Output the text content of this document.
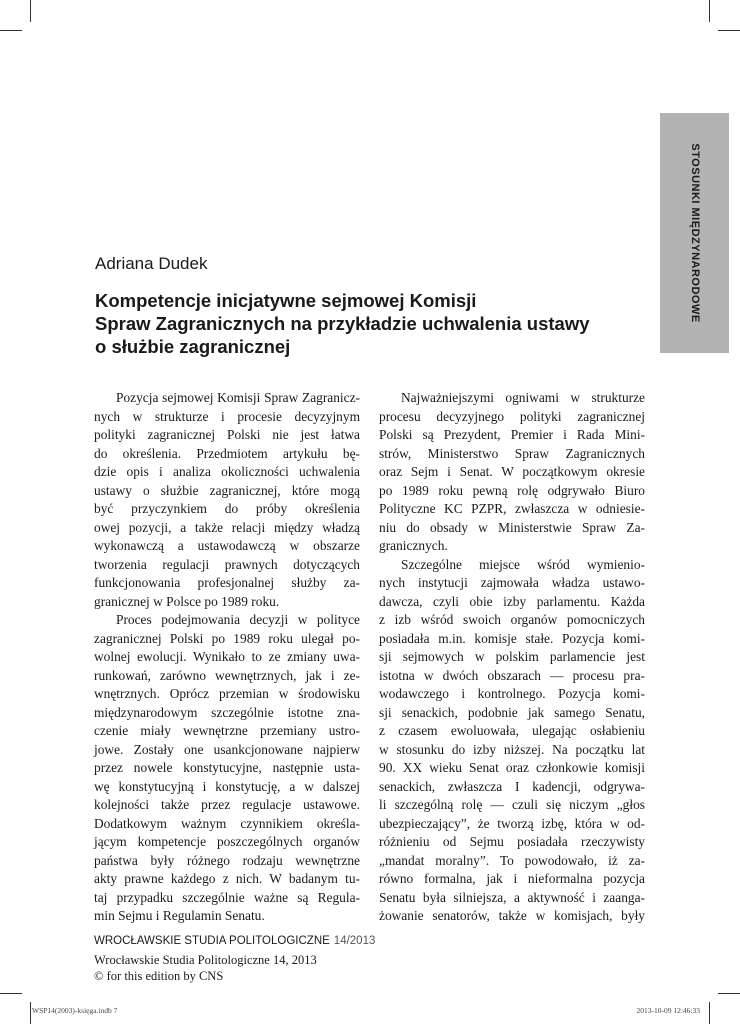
STOSUNKI MIĘDZYNARODOWE
Adriana Dudek
Kompetencje inicjatywne sejmowej Komisji
Spraw Zagranicznych na przykładzie uchwalenia ustawy
o służbie zagranicznej

Pozycja sejmowej Komisji Spraw Zagranicz-
nych w strukturze i procesie decyzyjnym
polityki zagranicznej Polski nie jest łatwa
do określenia. Przedmiotem artykułu bę-
dzie opis i analiza okoliczności uchwalenia
ustawy o służbie zagranicznej, które mogą
być przyczynkiem do próby określenia
owej pozycji, a także relacji między władzą
wykonawczą a ustawodawczą w obszarze
tworzenia regulacji prawnych dotyczących
funkcjonowania profesjonalnej służby za-
granicznej w Polsce po 1989 roku.

Proces podejmowania decyzji w polityce
zagranicznej Polski po 1989 roku ulegał po-
wolnej ewolucji. Wynikało to ze zmiany uwa-
runkowań, zarówno wewnętrznych, jak i ze-
wnętrznych. Oprócz przemian w środowisku
międzynarodowym szczególnie istotne zna-
czenie miały wewnętrzne przemiany ustro-
jowe. Zostały one usankcjonowane najpierw
przez nowele konstytucyjne, następnie usta-
wę konstytucyjną i konstytucję, a w dalszej
kolejności także przez regulacje ustawowe.
Dodatkowym ważnym czynnikiem określa-
jącym kompetencje poszczególnych organów
państwa były różnego rodzaju wewnętrzne
akty prawne każdego z nich. W badanym tu-
taj przypadku szczególnie ważne są Regula-
min Sejmu i Regulamin Senatu.

Najważniejszymi ogniwami w strukturze
procesu decyzyjnego polityki zagranicznej
Polski są Prezydent, Premier i Rada Mini-
strów, Ministerstwo Spraw Zagranicznych
oraz Sejm i Senat. W początkowym okresie
po 1989 roku pewną rolę odgrywało Biuro
Polityczne KC PZPR, zwłaszcza w odniesie-
niu do obsady w Ministerstwie Spraw Za-
granicznych.

Szczególne miejsce wśród wymienio-
nych instytucji zajmowała władza ustawo-
dawcza, czyli obie izby parlamentu. Każda
z izb wśród swoich organów pomocniczych
posiadała m.in. komisje stałe. Pozycja komi-
sji sejmowych w polskim parlamencie jest
istotna w dwóch obszarach — procesu pra-
wodawczego i kontrolnego. Pozycja komi-
sji senackich, podobnie jak samego Senatu,
z czasem ewoluowała, ulegając osłabieniu
w stosunku do izby niższej. Na początku lat
90. XX wieku Senat oraz członkowie komisji
senackich, zwłaszcza I kadencji, odgrywa-
li szczególną rolę — czuli się niczym „głos
ubezpieczający”, że tworzą izbę, która w od-
różnieniu od Sejmu posiadała rzeczywisty
„mandat moralny”. To powodowało, iż za-
równo formalna, jak i nieformalna pozycja
Senatu była silniejsza, a aktywność i zaanga-
żowanie senatorów, także w komisjach, były

WROCŁAWSKIE STUDIA POLITOLOGICZNE 14/2013
Wrocławskie Studia Politologiczne 14, 2013
© for this edition by CNS
WSP14(2003)-księga.indb 7	2013-10-09 12:46:33
